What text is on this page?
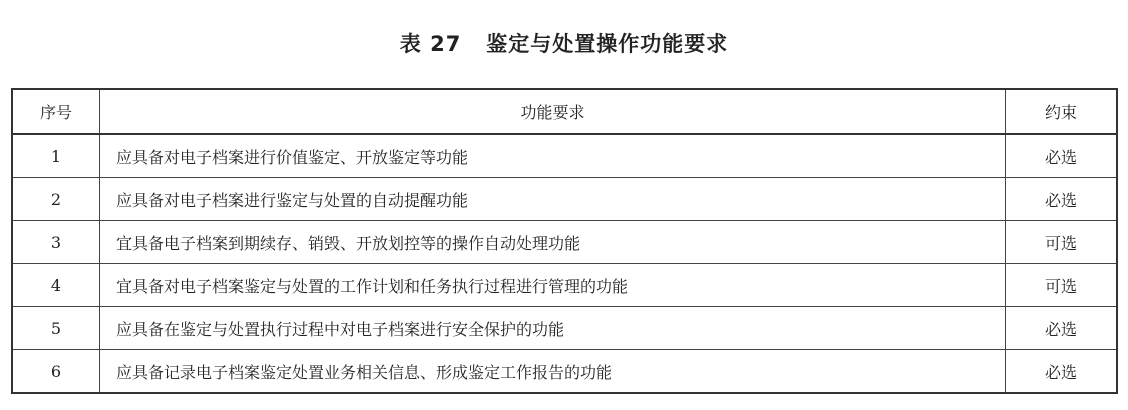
表 27   鉴定与处置操作功能要求
序号	功能要求	约束
1	应具备对电子档案进行价值鉴定、开放鉴定等功能	必选
2	应具备对电子档案进行鉴定与处置的自动提醒功能	必选
3	宜具备电子档案到期续存、销毁、开放划控等的操作自动处理功能	可选
4	宜具备对电子档案鉴定与处置的工作计划和任务执行过程进行管理的功能	可选
5	应具备在鉴定与处置执行过程中对电子档案进行安全保护的功能	必选
6	应具备记录电子档案鉴定处置业务相关信息、形成鉴定工作报告的功能	必选
